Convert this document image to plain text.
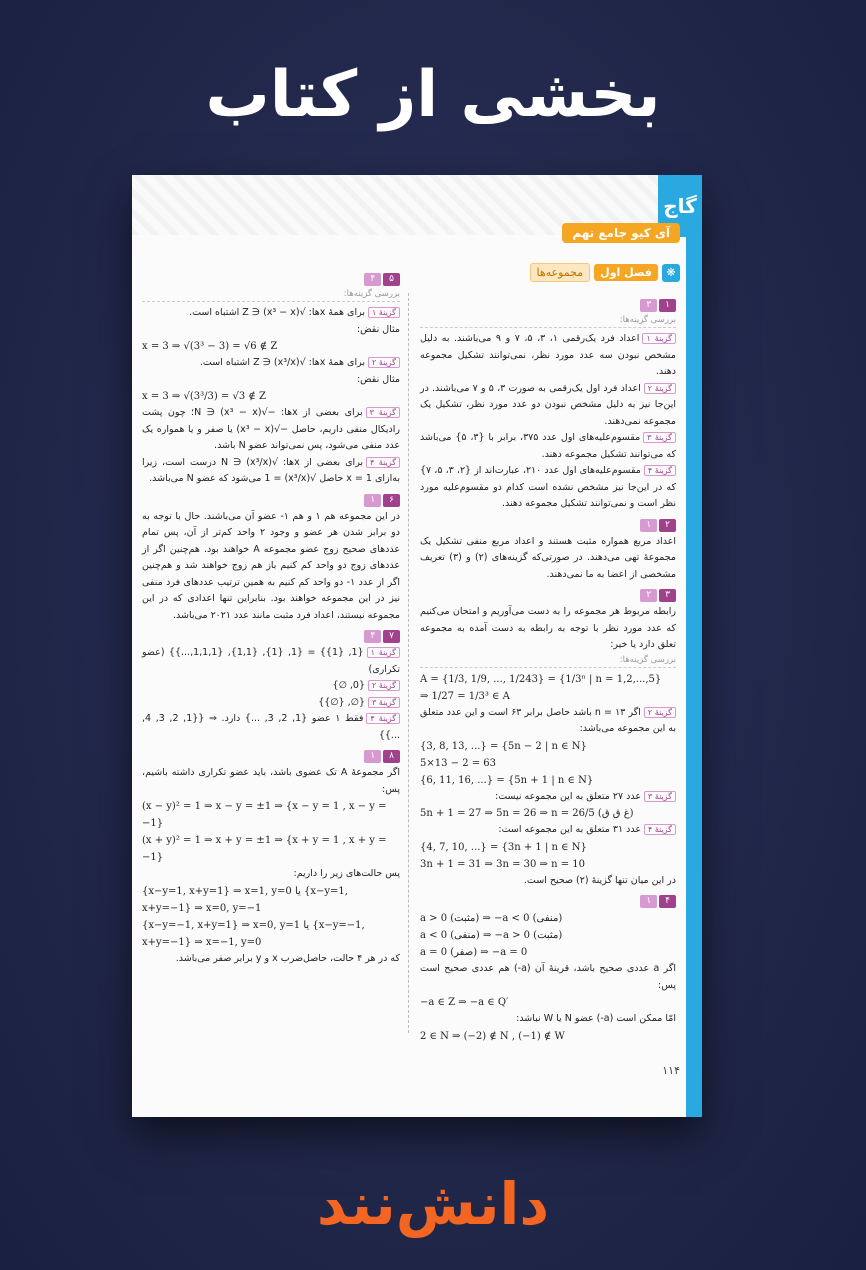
بخشی از کتاب
گاج
آی کیو جامع نهم
❋
فصل اول
مجموعه‌ها
۱
۳
بررسی گزینه‌ها:
گزینهٔ ۱اعداد فرد یک‌رقمی ۱، ۳، ۵، ۷ و ۹ می‌باشند. به دلیل مشخص نبودن سه عدد مورد نظر، نمی‌توانند تشکیل مجموعه دهند.
گزینهٔ ۲اعداد فرد اول یک‌رقمی به صورت ۳، ۵ و ۷ می‌باشند. در این‌جا نیز به دلیل مشخص نبودن دو عدد مورد نظر، تشکیل یک مجموعه نمی‌دهند.
گزینهٔ ۳مقسوم‌علیه‌های اول عدد ۳۷۵، برابر با {۳، ۵} می‌باشد که می‌توانند تشکیل مجموعه دهند.
گزینهٔ ۴مقسوم‌علیه‌های اول عدد ۲۱۰، عبارت‌اند از {۲، ۳، ۵، ۷} که در این‌جا نیز مشخص نشده است کدام دو مقسوم‌علیه مورد نظر است و نمی‌توانند تشکیل مجموعه دهند.
۲
۱
اعداد مربع همواره مثبت هستند و اعداد مربع منفی تشکیل یک مجموعهٔ تهی می‌دهند. در صورتی‌که گزینه‌های (۲) و (۳) تعریف مشخصی از اعضا به ما نمی‌دهند.
۳
۲
رابطه مربوط هر مجموعه را به دست می‌آوریم و امتحان می‌کنیم که عدد مورد نظر با توجه به رابطه به دست آمده به مجموعه تعلق دارد یا خیر:
بررسی گزینه‌ها:
A = {1/3, 1/9, ..., 1/243} = {1/3ⁿ | n = 1,2,...,5}
⇒ 1/27 = 1/3³ ∈ A
گزینهٔ ۲اگر n = ۱۳ باشد حاصل برابر ۶۳ است و این عدد متعلق به این مجموعه می‌باشد:
{3, 8, 13, ...} = {5n − 2 | n ∈ N}
5×13 − 2 = 63
{6, 11, 16, ...} = {5n + 1 | n ∈ N}
گزینهٔ ۳عدد ۲۷ متعلق به این مجموعه نیست:
5n + 1 = 27 ⇒ 5n = 26 ⇒ n = 26/5 (غ ق ق)
گزینهٔ ۴عدد ۳۱ متعلق به این مجموعه است:
{4, 7, 10, ...} = {3n + 1 | n ∈ N}
3n + 1 = 31 ⇒ 3n = 30 ⇒ n = 10
در این میان تنها گزینهٔ (۲) صحیح است.
۴
۱
a > 0 (مثبت) ⇒ −a < 0 (منفی)
a < 0 (منفی) ⇒ −a > 0 (مثبت)
a = 0 (صفر) ⇒ −a = 0
اگر a عددی صحیح باشد، قرینهٔ آن (a-) هم عددی صحیح است پس:
−a ∈ Z ⇒ −a ∈ Q′
امّا ممکن است (a-) عضو N یا W نباشد:
2 ∈ N ⇒ (−2) ∉ N , (−1) ∉ W
۵
۴
بررسی گزینه‌ها:
گزینهٔ ۱برای همهٔ xها: √(x³ − x) ∈ Z اشتباه است.
مثال نقض:
x = 3 ⇒ √(3³ − 3) = √6 ∉ Z
گزینهٔ ۲برای همهٔ xها: √(x³/x) ∈ Z اشتباه است.
مثال نقض:
x = 3 ⇒ √(3³/3) = √3 ∉ Z
گزینهٔ ۳برای بعضی از xها: −√(x³ − x) ∈ N؛ چون پشت رادیکال منفی داریم، حاصل −√(x³ − x) یا صفر و یا همواره یک عدد منفی می‌شود، پس نمی‌تواند عضو N باشد.
گزینهٔ ۴برای بعضی از xها: √(x³/x) ∈ N درست است، زیرا به‌ازای x = 1 حاصل √(x³/x) = 1 می‌شود که عضو N می‌باشد.
۶
۱
در این مجموعه هم ۱ و هم ۱- عضو آن می‌باشند. حال با توجه به دو برابر شدن هر عضو و وجود ۲ واحد کم‌تر از آن، پس تمام عددهای صحیح زوج عضو مجموعه A خواهند بود. هم‌چنین اگر از عددهای زوج دو واحد کم کنیم باز هم زوج خواهند شد و هم‌چنین اگر از عدد ۱- دو واحد کم کنیم به همین ترتیب عددهای فرد منفی نیز در این مجموعه خواهند بود. بنابراین تنها اعدادی که در این مجموعه نیستند، اعداد فرد مثبت مانند عدد ۲۰۲۱ می‌باشد.
۷
۴
گزینهٔ ۱{1, {1}} = {1, {1}, {1,1}, {1,1,1,...}} (عضو تکراری)
گزینهٔ ۲{0, ∅}
گزینهٔ ۳{∅, {∅}}
گزینهٔ ۴فقط ۱ عضو {1, 2, 3, ...} دارد. ⇒ {{1, 2, 3, 4, ...}}
۸
۱
اگر مجموعهٔ A تک عضوی باشد، باید عضو تکراری داشته باشیم، پس:
(x − y)² = 1 ⇒ x − y = ±1 ⇒ {x − y = 1 , x − y = −1}
(x + y)² = 1 ⇒ x + y = ±1 ⇒ {x + y = 1 , x + y = −1}
پس حالت‌های زیر را داریم:
{x−y=1, x+y=1} ⇒ x=1, y=0 یا {x−y=1, x+y=−1} ⇒ x=0, y=−1
{x−y=−1, x+y=1} ⇒ x=0, y=1 یا {x−y=−1, x+y=−1} ⇒ x=−1, y=0
که در هر ۴ حالت، حاصل‌ضرب x و y برابر صفر می‌باشد.
۱۱۴
دانش‌نند
